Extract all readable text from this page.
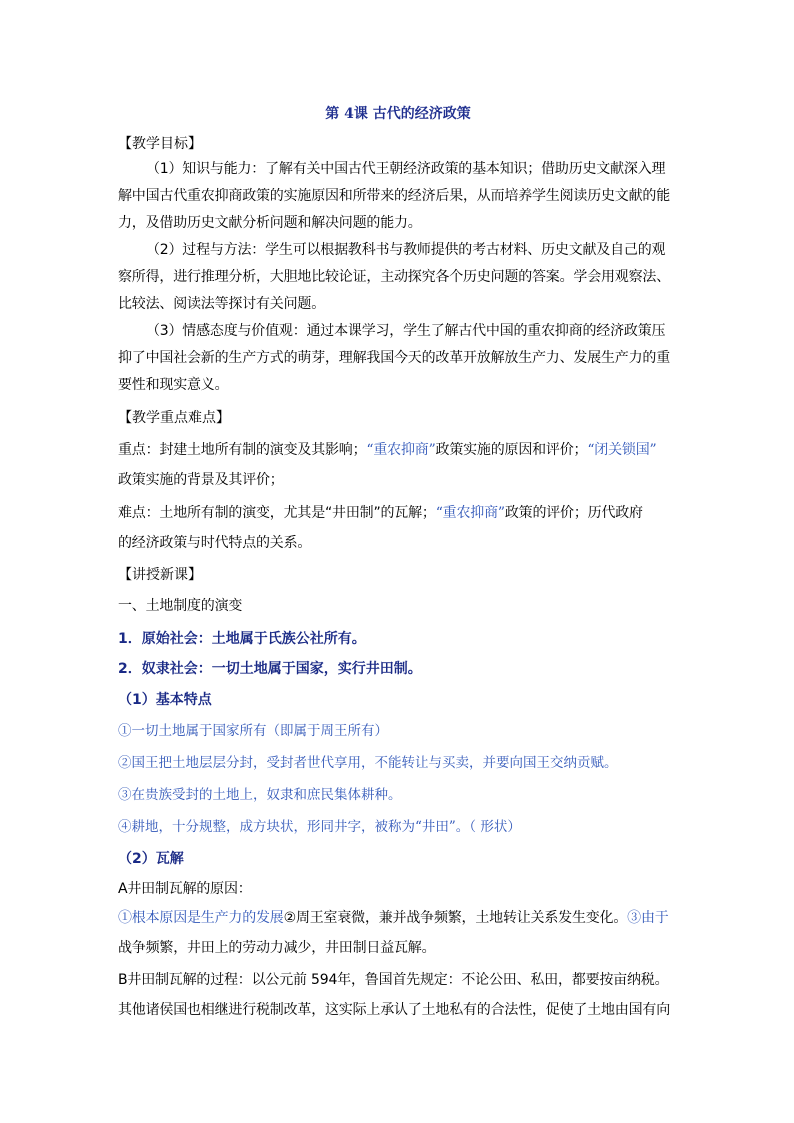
第 4课 古代的经济政策
【教学目标】
（1）知识与能力：了解有关中国古代王朝经济政策的基本知识；借助历史文献深入理
解中国古代重农抑商政策的实施原因和所带来的经济后果，从而培养学生阅读历史文献的能
力，及借助历史文献分析问题和解决问题的能力。
（2）过程与方法：学生可以根据教科书与教师提供的考古材料、历史文献及自己的观
察所得，进行推理分析，大胆地比较论证，主动探究各个历史问题的答案。学会用观察法、
比较法、阅读法等探讨有关问题。
（3）情感态度与价值观：通过本课学习，学生了解古代中国的重农抑商的经济政策压
抑了中国社会新的生产方式的萌芽，理解我国今天的改革开放解放生产力、发展生产力的重
要性和现实意义。
【教学重点难点】
重点：封建土地所有制的演变及其影响；“重农抑商”政策实施的原因和评价；“闭关锁国”
政策实施的背景及其评价；
难点：土地所有制的演变，尤其是“井田制”的瓦解；“重农抑商”政策的评价；历代政府
的经济政策与时代特点的关系。
【讲授新课】
一、土地制度的演变
1．原始社会：土地属于氏族公社所有。
2．奴隶社会：一切土地属于国家，实行井田制。
（1）基本特点
①一切土地属于国家所有（即属于周王所有）
②国王把土地层层分封，受封者世代享用，不能转让与买卖，并要向国王交纳贡赋。
③在贵族受封的土地上，奴隶和庶民集体耕种。
④耕地，十分规整，成方块状，形同井字，被称为“井田”。（ 形状）
（2）瓦解
A井田制瓦解的原因：
①根本原因是生产力的发展②周王室衰微，兼并战争频繁，土地转让关系发生变化。③由于
战争频繁，井田上的劳动力减少，井田制日益瓦解。
B井田制瓦解的过程：以公元前 594年，鲁国首先规定：不论公田、私田，都要按亩纳税。
其他诸侯国也相继进行税制改革，这实际上承认了土地私有的合法性，促使了土地由国有向
